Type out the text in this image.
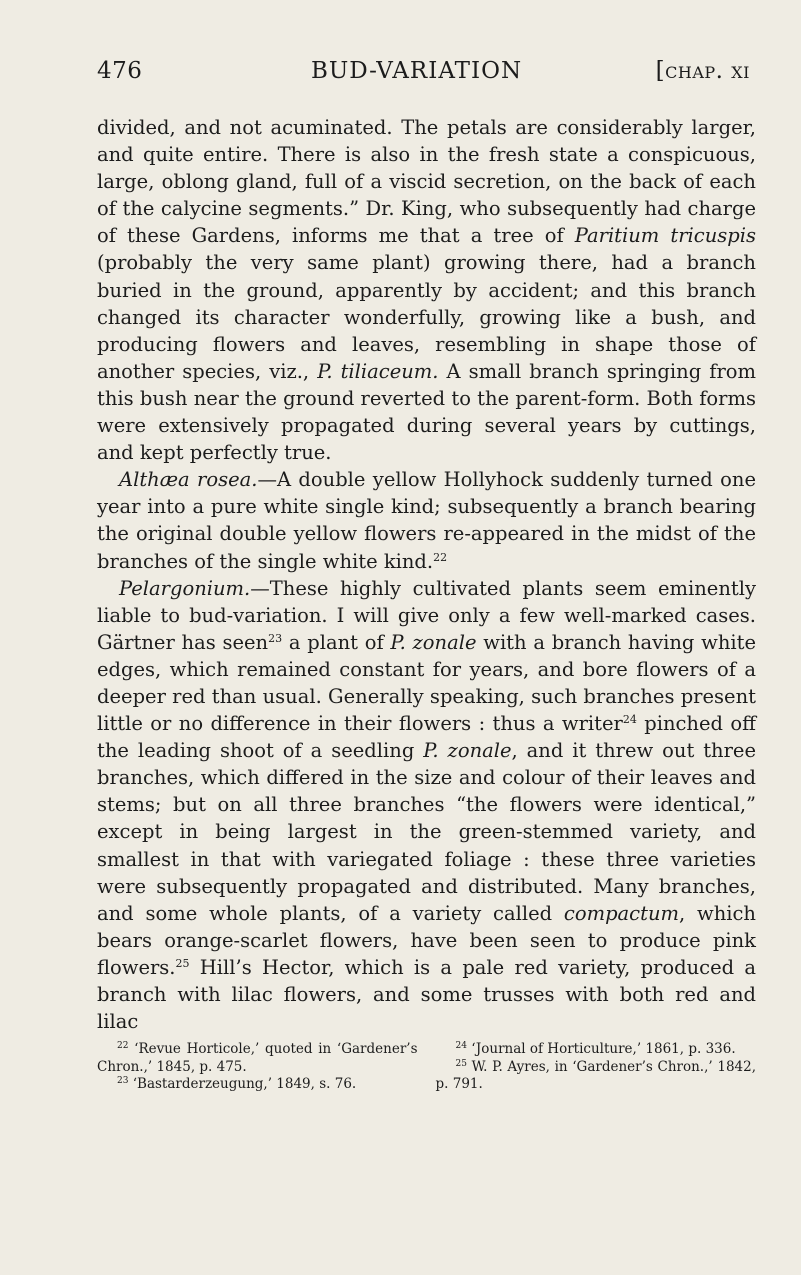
476	BUD-VARIATION	[chap. xi

divided, and not acuminated. The petals are considerably larger, and quite entire. There is also in the fresh state a conspicuous, large, oblong gland, full of a viscid secretion, on the back of each of the calycine segments.” Dr. King, who subsequently had charge of these Gardens, informs me that a tree of Paritium tricuspis (probably the very same plant) growing there, had a branch buried in the ground, apparently by accident; and this branch changed its character wonderfully, growing like a bush, and producing flowers and leaves, resembling in shape those of another species, viz., P. tiliaceum. A small branch springing from this bush near the ground reverted to the parent-form. Both forms were extensively propagated during several years by cuttings, and kept perfectly true.

Althæa rosea.—A double yellow Hollyhock suddenly turned one year into a pure white single kind; subsequently a branch bearing the original double yellow flowers re-appeared in the midst of the branches of the single white kind.$^{22}$

Pelargonium.—These highly cultivated plants seem eminently liable to bud-variation. I will give only a few well-marked cases. Gärtner has seen$^{23}$ a plant of P. zonale with a branch having white edges, which remained constant for years, and bore flowers of a deeper red than usual. Generally speaking, such branches present little or no difference in their flowers : thus a writer$^{24}$ pinched off the leading shoot of a seedling P. zonale, and it threw out three branches, which differed in the size and colour of their leaves and stems; but on all three branches “the flowers were identical,” except in being largest in the green-stemmed variety, and smallest in that with variegated foliage : these three varieties were subsequently propagated and distributed. Many branches, and some whole plants, of a variety called compactum, which bears orange-scarlet flowers, have been seen to produce pink flowers.$^{25}$ Hill’s Hector, which is a pale red variety, produced a branch with lilac flowers, and some trusses with both red and lilac

$^{22}$ ‘Revue Horticole,’ quoted in ‘Gardener’s Chron.,’ 1845, p. 475.

$^{23}$ ‘Bastarderzeugung,’ 1849, s. 76.

$^{24}$ ‘Journal of Horticulture,’ 1861, p. 336.

$^{25}$ W. P. Ayres, in ‘Gardener’s Chron.,’ 1842, p. 791.
